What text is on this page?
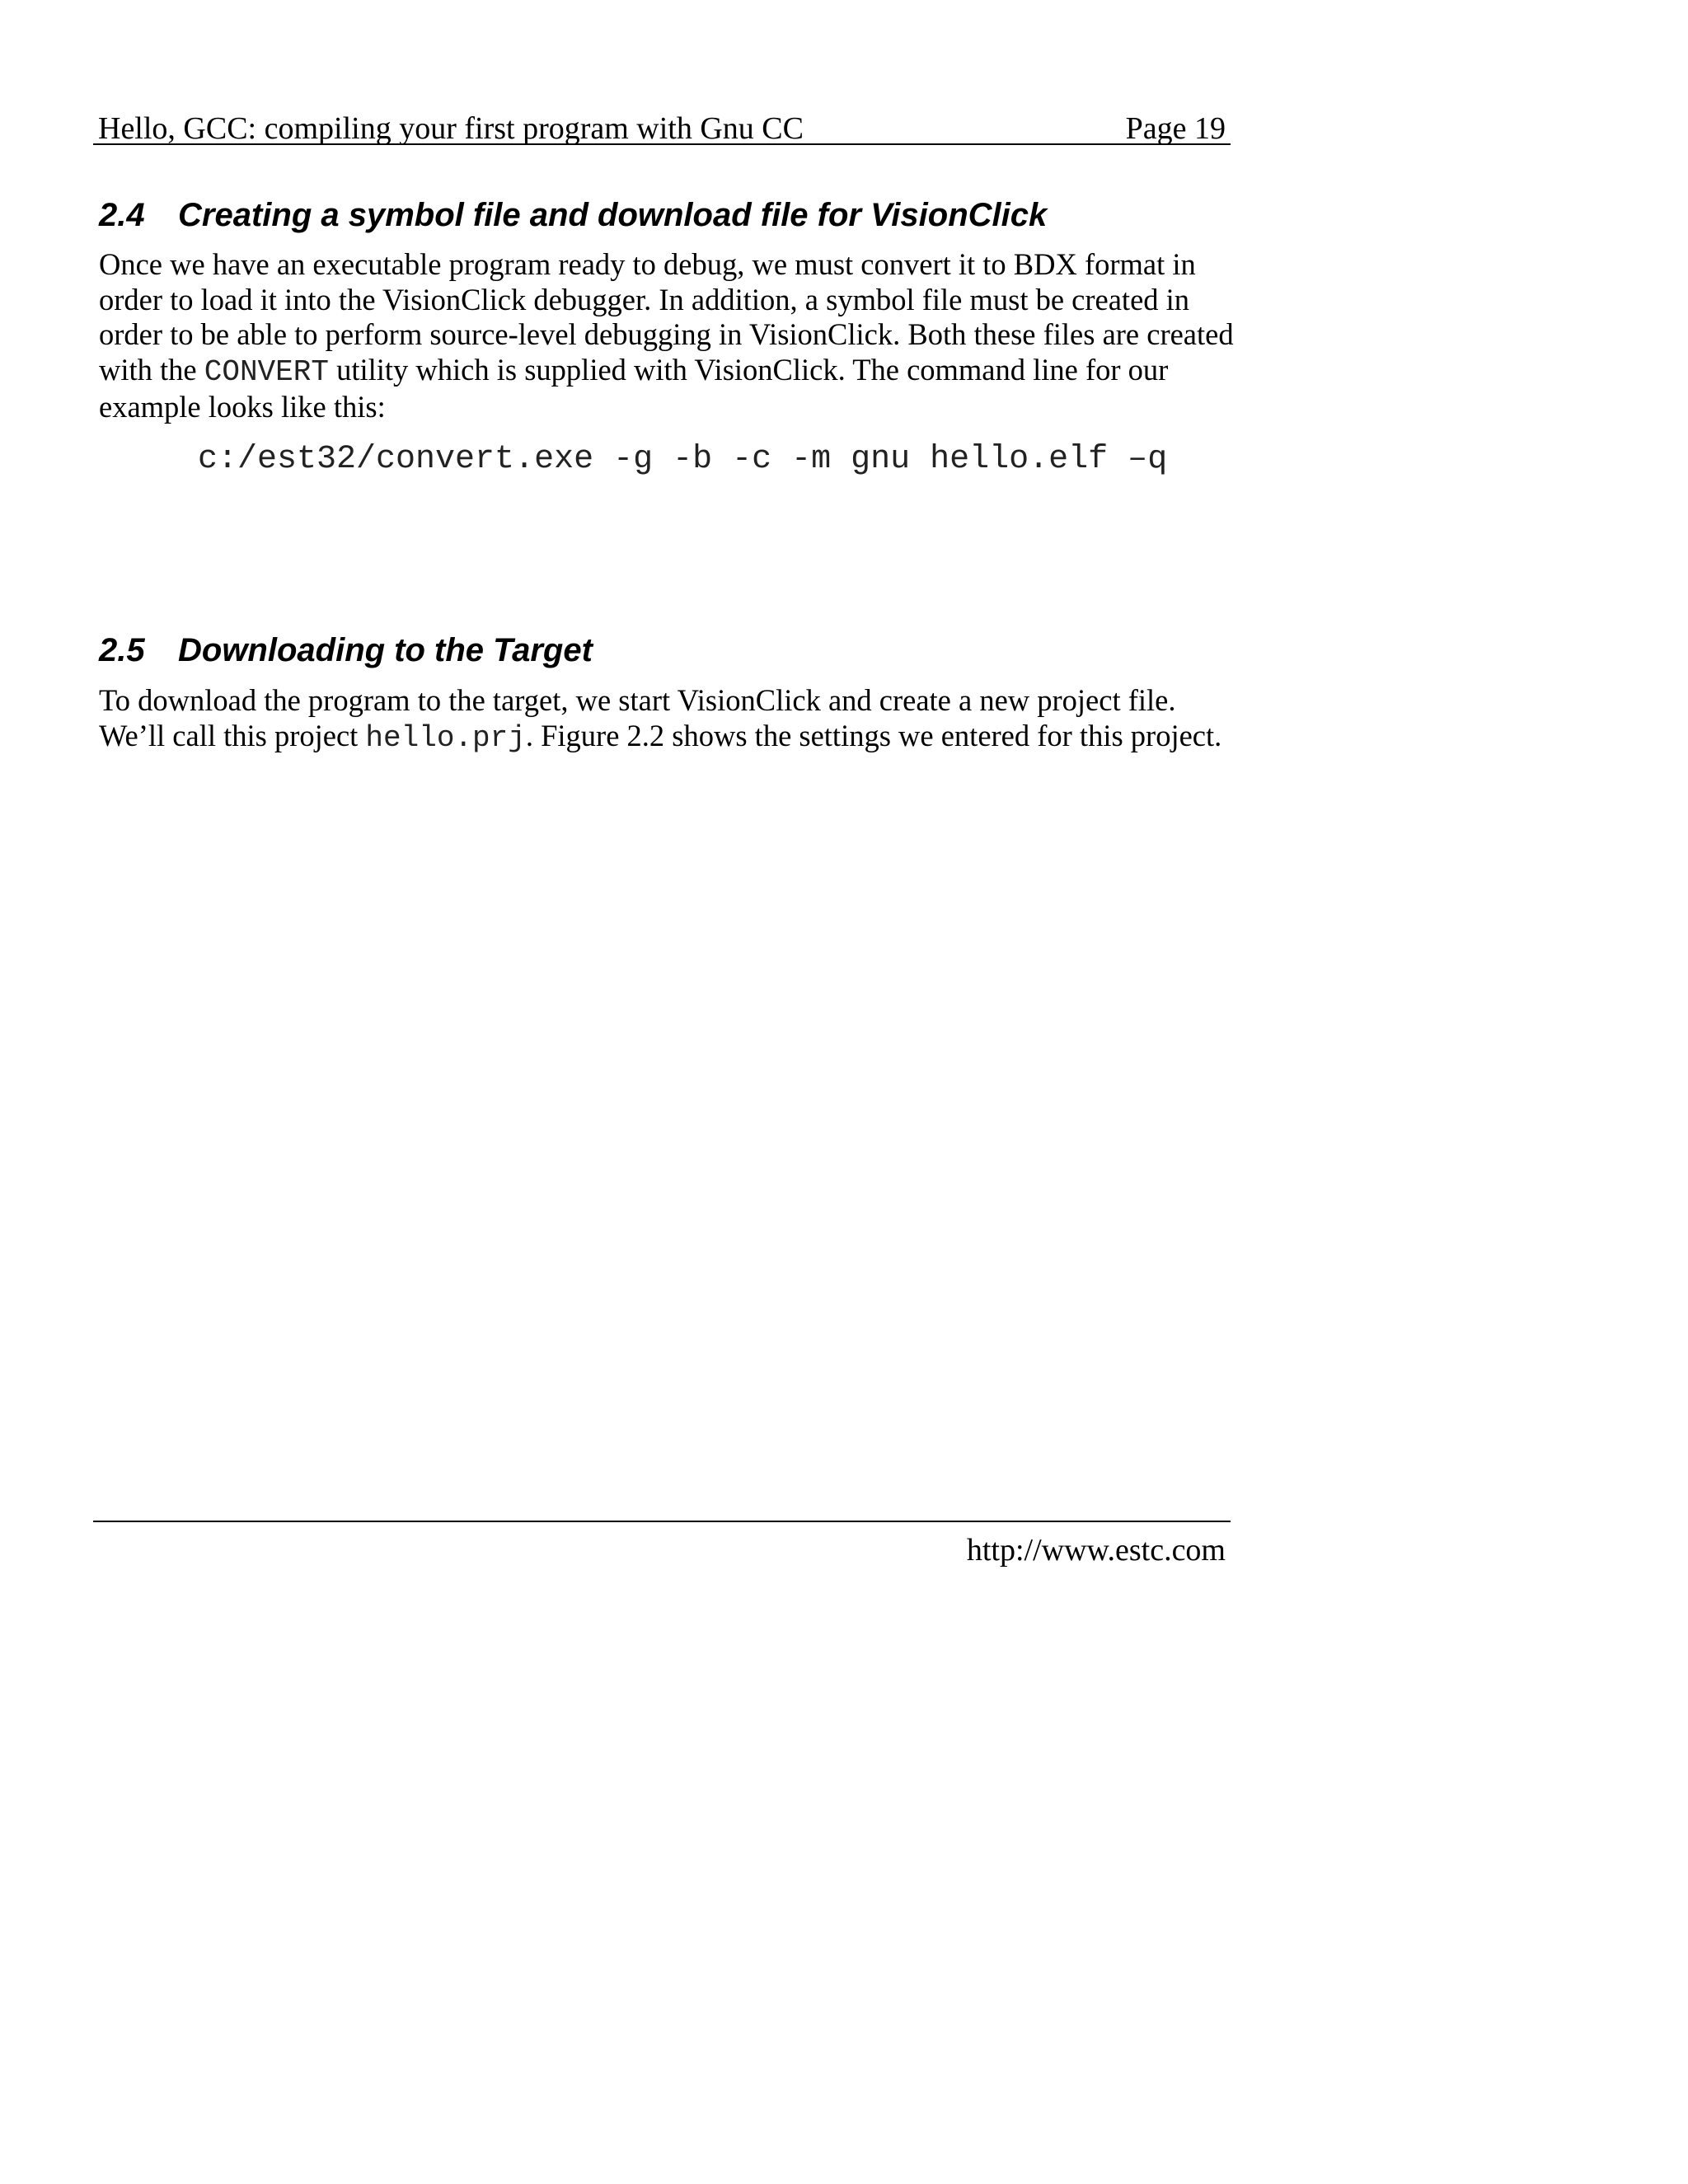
Hello, GCC: compiling your first program with Gnu CC	Page 19
2.4 Creating a symbol file and download file for VisionClick
Once we have an executable program ready to debug, we must convert it to BDX format in order to load it into the VisionClick debugger. In addition, a symbol file must be created in order to be able to perform source-level debugging in VisionClick. Both these files are created with the CONVERT utility which is supplied with VisionClick. The command line for our example looks like this:
c:/est32/convert.exe -g -b -c -m gnu hello.elf –q
2.5 Downloading to the Target
To download the program to the target, we start VisionClick and create a new project file. We’ll call this project hello.prj. Figure 2.2 shows the settings we entered for this project.
http://www.estc.com
